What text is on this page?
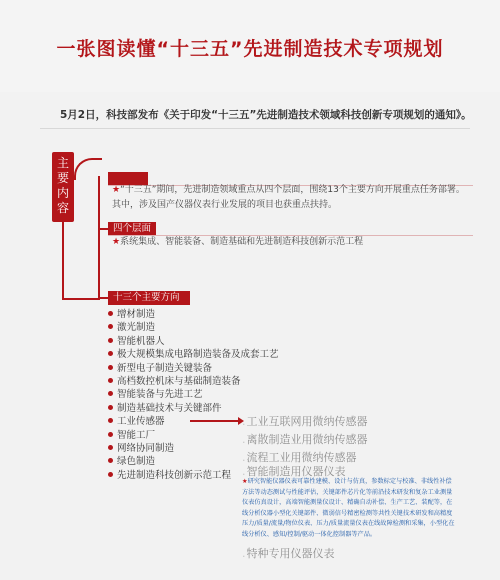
一张图读懂“十三五”先进制造技术专项规划
5月2日，科技部发布《关于印发“十三五”先进制造技术领域科技创新专项规划的通知》。
主要内容
★“十三五”期间，先进制造领域重点从四个层面，围绕13个主要方向开展重点任务部署。其中，涉及国产仪器仪表行业发展的项目也获重点扶持。
四个层面
★系统集成、智能装备、制造基础和先进制造科技创新示范工程
十三个主要方向
增材制造
激光制造
智能机器人
极大规模集成电路制造装备及成套工艺
新型电子制造关键装备
高档数控机床与基础制造装备
智能装备与先进工艺
制造基础技术与关键部件
工业传感器
智能工厂
网络协同制造
绿色制造
先进制造科技创新示范工程
.工业互联网用微纳传感器
.离散制造业用微纳传感器
.流程工业用微纳传感器
.智能制造用仪器仪表
★研究智能仪器仪表可靠性建模、设计与仿真，参数标定与校准、非线性补偿方法等动态测试与性能评估，关键部件芯片化等前沿技术研发和复杂工业测量仪表仿真设计，高端智能测量仪设计、精确自动补偿、生产工艺、装配等，在线分析仪器小型化关键部件、微弱信号精密检测等共性关键技术研发和高精度压力/质量/流量/物位仪表、压力/质量流量仪表在线故障检测和采集，小型化在线分析仪、感知/控制/驱动一体化控制器等产品。
.特种专用仪器仪表
